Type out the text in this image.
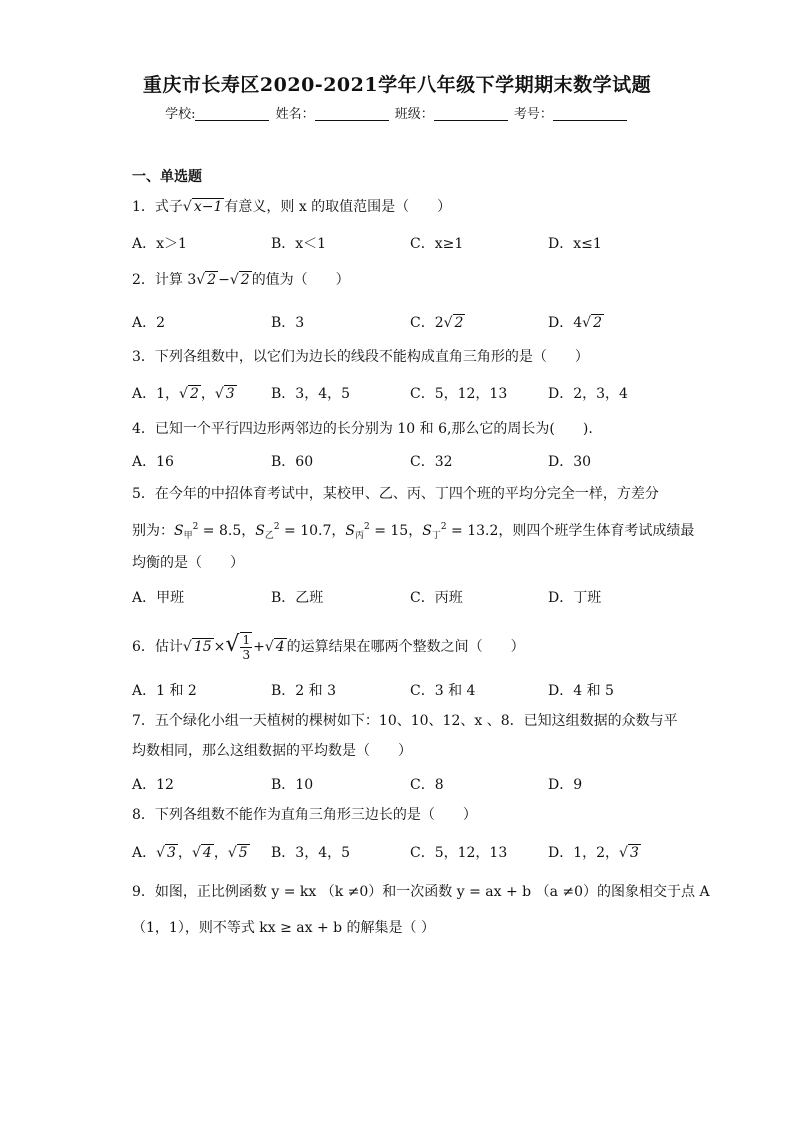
重庆市长寿区2020-2021学年八年级下学期期末数学试题
学校:	姓名：	班级：	考号：
一、单选题
1．式子√ x−1 有意义，则 x 的取值范围是（　　）
A．x＞1	B．x＜1	C．x≥1	D．x≤1
2．计算 3√ 2 −√ 2 的值为（　　）
A．2	B．3	C．2√ 2	D．4√ 2
3．下列各组数中，以它们为边长的线段不能构成直角三角形的是（　　）
A．1，√ 2 ，√ 3	B．3，4，5	C．5，12，13	D．2，3，4
4．已知一个平行四边形两邻边的长分别为 10 和 6,那么它的周长为(　　).
A．16	B．60	C．32	D．30
5．在今年的中招体育考试中，某校甲、乙、丙、丁四个班的平均分完全一样，方差分
别为：$S_甲^2 = 8.5$，$S_乙^2 = 10.7$，$S_丙^2 = 15$，$S_丁^2 = 13.2$，则四个班学生体育考试成绩最
均衡的是（　　）
A．甲班	B．乙班	C．丙班	D．丁班
6．估计√ 15 ×√ $\frac{1}{3}$ +√ 4 的运算结果在哪两个整数之间（　　）
A．1 和 2	B．2 和 3	C．3 和 4	D．4 和 5
7．五个绿化小组一天植树的棵树如下：10、10、12、x 、8．已知这组数据的众数与平
均数相同，那么这组数据的平均数是（　　）
A．12	B．10	C．8	D．9
8．下列各组数不能作为直角三角形三边长的是（　　）
A．√ 3 ，√ 4 ，√ 5 B．3，4，5	C．5，12，13	D．1，2，√ 3
9．如图，正比例函数 y = kx （k ≠0）和一次函数 y = ax + b （a ≠0）的图象相交于点 A
（1，1），则不等式 kx ≥ ax + b 的解集是（ ）
